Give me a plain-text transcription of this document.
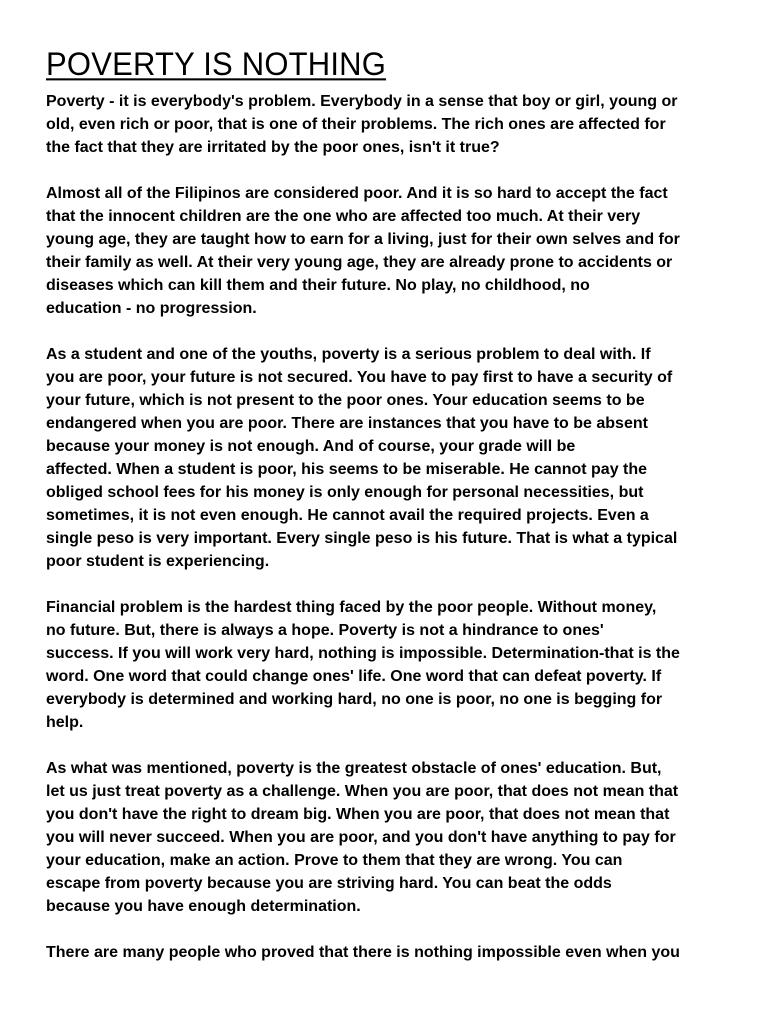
POVERTY IS NOTHING

Poverty - it is everybody's problem. Everybody in a sense that boy or girl, young or
old, even rich or poor, that is one of their problems. The rich ones are affected for
the fact that they are irritated by the poor ones, isn't it true?

Almost all of the Filipinos are considered poor. And it is so hard to accept the fact
that the innocent children are the one who are affected too much. At their very
young age, they are taught how to earn for a living, just for their own selves and for
their family as well. At their very young age, they are already prone to accidents or
diseases which can kill them and their future. No play, no childhood, no
education - no progression.

As a student and one of the youths, poverty is a serious problem to deal with. If
you are poor, your future is not secured. You have to pay first to have a security of
your future, which is not present to the poor ones. Your education seems to be
endangered when you are poor. There are instances that you have to be absent
because your money is not enough. And of course, your grade will be
affected. When a student is poor, his seems to be miserable. He cannot pay the
obliged school fees for his money is only enough for personal necessities, but
sometimes, it is not even enough. He cannot avail the required projects. Even a
single peso is very important. Every single peso is his future. That is what a typical
poor student is experiencing.

Financial problem is the hardest thing faced by the poor people. Without money,
no future. But, there is always a hope. Poverty is not a hindrance to ones'
success. If you will work very hard, nothing is impossible. Determination-that is the
word. One word that could change ones' life. One word that can defeat poverty. If
everybody is determined and working hard, no one is poor, no one is begging for
help.

As what was mentioned, poverty is the greatest obstacle of ones' education. But,
let us just treat poverty as a challenge. When you are poor, that does not mean that
you don't have the right to dream big. When you are poor, that does not mean that
you will never succeed. When you are poor, and you don't have anything to pay for
your education, make an action. Prove to them that they are wrong. You can
escape from poverty because you are striving hard. You can beat the odds
because you have enough determination.

There are many people who proved that there is nothing impossible even when you
